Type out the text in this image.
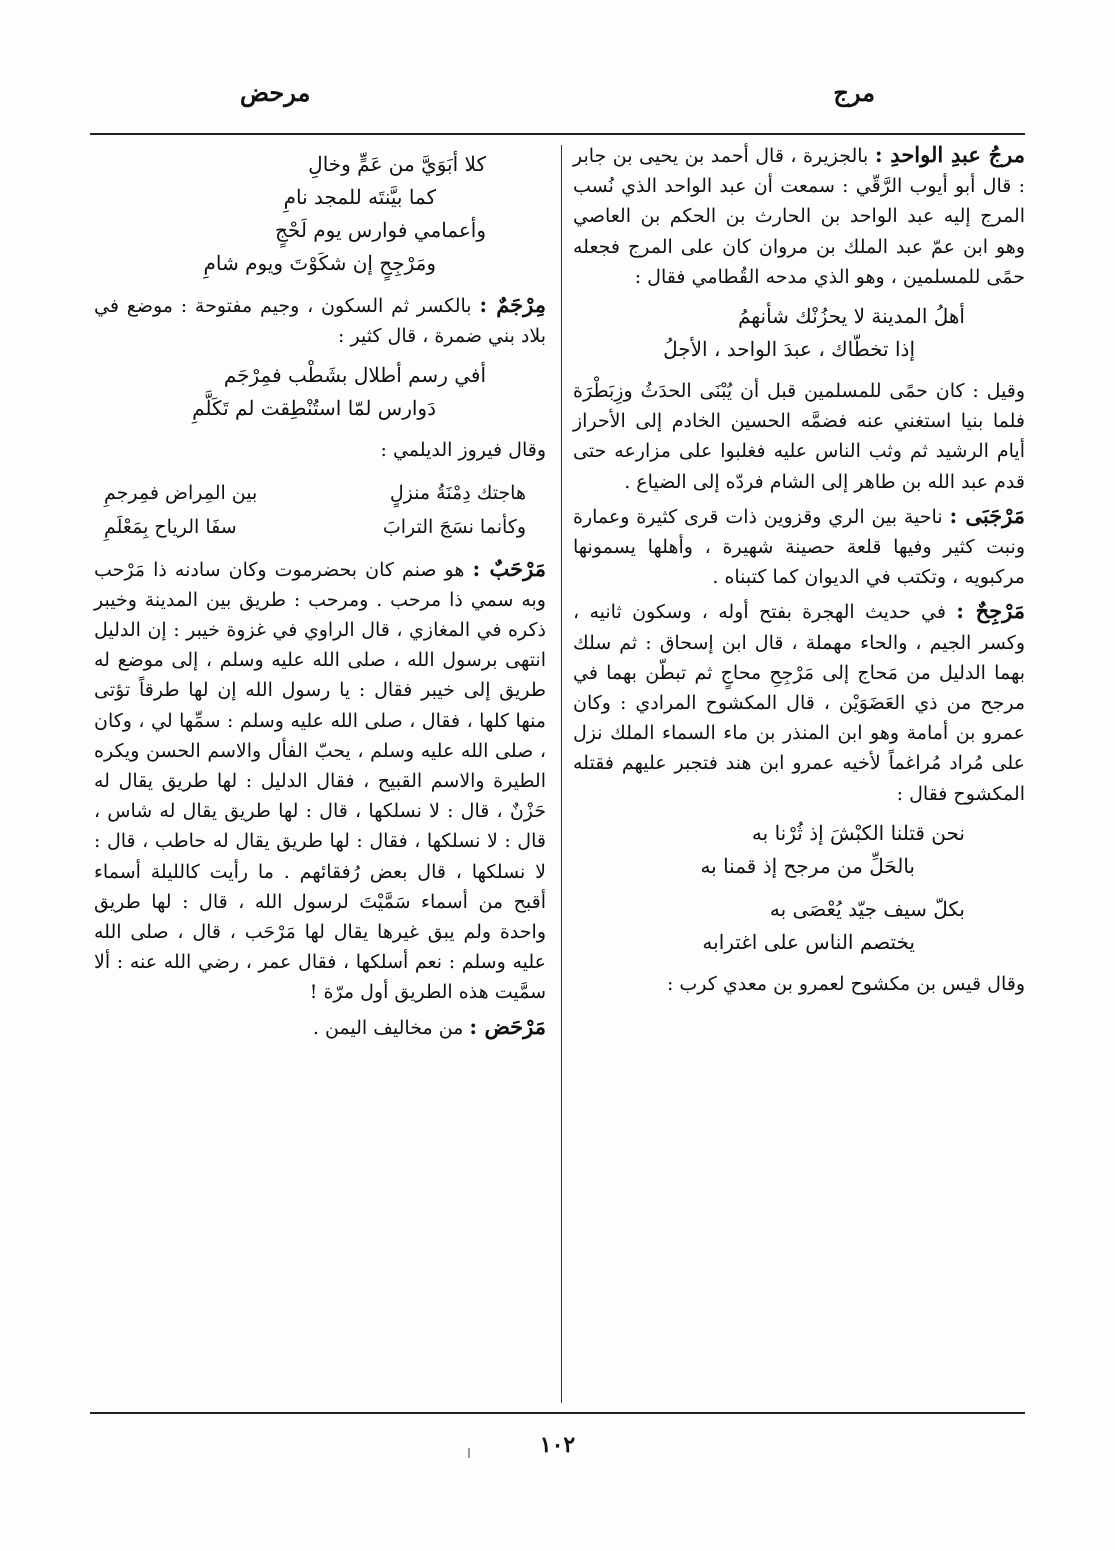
مرج
مرحض

مرجُ عبدِ الواحدِ : بالجزيرة ، قال أحمد بن يحيى بن جابر : قال أبو أيوب الرَّقّي : سمعت أن عبد الواحد الذي نُسب المرج إليه عبد الواحد بن الحارث بن الحكم بن العاصي وهو ابن عمّ عبد الملك بن مروان كان على المرج فجعله حمًى للمسلمين ، وهو الذي مدحه القُطامي فقال :

أهلُ المدينة لا يحزُنْك شأنهمُ
إذا تخطّاك ، عبدَ الواحد ، الأجلُ

وقيل : كان حمًى للمسلمين قبل أن يُبْنَى الحدَثُ وزِبَطْرَة فلما بنيا استغني عنه فضمَّه الحسين الخادم إلى الأحراز أيام الرشيد ثم وثب الناس عليه فغلبوا على مزارعه حتى قدم عبد الله بن طاهر إلى الشام فردّه إلى الضياع .

مَرْجَبَى : ناحية بين الري وقزوين ذات قرى كثيرة وعمارة ونبت كثير وفيها قلعة حصينة شهيرة ، وأهلها يسمونها مركبويه ، وتكتب في الديوان كما كتبناه .

مَرْجِحٌ : في حديث الهجرة بفتح أوله ، وسكون ثانيه ، وكسر الجيم ، والحاء مهملة ، قال ابن إسحاق : ثم سلك بهما الدليل من مَحاج إلى مَرْجِحِ محاجٍ ثم تبطّن بهما في مرجح من ذي العَضَوَيْن ، قال المكشوح المرادي : وكان عمرو بن أمامة وهو ابن المنذر بن ماء السماء الملك نزل على مُراد مُراغماً لأخيه عمرو ابن هند فتجبر عليهم فقتله المكشوح فقال :

نحن قتلنا الكبْشَ إذ ثُرْنا به
بالحَلِّ من مرجح إذ قمنا به
بكلّ سيف جيّد يُعْصَى به
يختصم الناس على اغترابه

وقال قيس بن مكشوح لعمرو بن معدي كرب :

كلا أبَوَيَّ من عَمٍّ وخالِ
كما بيَّنتَه للمجد نامِ
وأعمامي فوارس يوم لَحْجٍ
ومَرْجِحٍ إن شكَوْتَ ويوم شامِ

مِرْجَمٌ : بالكسر ثم السكون ، وجيم مفتوحة : موضع في بلاد بني ضمرة ، قال كثير :

أفي رسم أطلال بشَطْب فمِرْجَم
دَوارس لمّا استُنْطِقت لم تَكَلَّمِ

وقال فيروز الديلمي :

هاجتك دِمْنَةُ منزلٍ
بين المِراض فمِرجمِ
وكأنما نسَجَ الترابَ
سفَا الرياح بِمَعْلَمِ

مَرْحَبٌ : هو صنم كان بحضرموت وكان سادنه ذا مَرْحب وبه سمي ذا مرحب . ومرحب : طريق بين المدينة وخيبر ذكره في المغازي ، قال الراوي في غزوة خيبر : إن الدليل انتهى برسول الله ، صلى الله عليه وسلم ، إلى موضع له طريق إلى خيبر فقال : يا رسول الله إن لها طرقاً تؤتى منها كلها ، فقال ، صلى الله عليه وسلم : سمِّها لي ، وكان ، صلى الله عليه وسلم ، يحبّ الفأل والاسم الحسن ويكره الطيرة والاسم القبيح ، فقال الدليل : لها طريق يقال له حَزْنٌ ، قال : لا نسلكها ، قال : لها طريق يقال له شاس ، قال : لا نسلكها ، فقال : لها طريق يقال له حاطب ، قال : لا نسلكها ، قال بعض رُفقائهم . ما رأيت كالليلة أسماء أقبح من أسماء سَمَّيْتَ لرسول الله ، قال : لها طريق واحدة ولم يبق غيرها يقال لها مَرْحَب ، قال ، صلى الله عليه وسلم : نعم أسلكها ، فقال عمر ، رضي الله عنه : ألا سمَّيت هذه الطريق أول مرّة !

مَرْحَض : من مخاليف اليمن .

١٠٢
